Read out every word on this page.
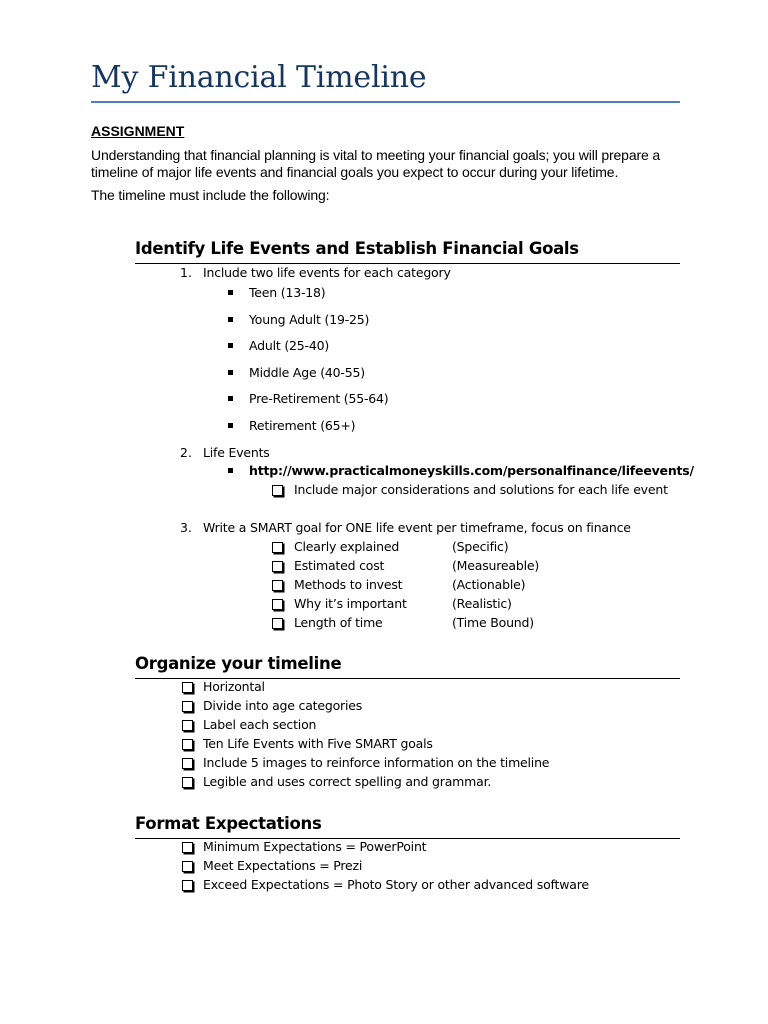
My Financial Timeline
ASSIGNMENT
Understanding that financial planning is vital to meeting your financial goals; you will prepare a timeline of major life events and financial goals you expect to occur during your lifetime.
The timeline must include the following:
Identify Life Events and Establish Financial Goals
1. Include two life events for each category
Teen (13-18)
Young Adult (19-25)
Adult (25-40)
Middle Age (40-55)
Pre-Retirement (55-64)
Retirement (65+)
2. Life Events
http://www.practicalmoneyskills.com/personalfinance/lifeevents/
Include major considerations and solutions for each life event
3. Write a SMART goal for ONE life event per timeframe, focus on finance
Clearly explained	(Specific)
Estimated cost	(Measureable)
Methods to invest	(Actionable)
Why it’s important	(Realistic)
Length of time	(Time Bound)
Organize your timeline
Horizontal
Divide into age categories
Label each section
Ten Life Events with Five SMART goals
Include 5 images to reinforce information on the timeline
Legible and uses correct spelling and grammar.
Format Expectations
Minimum Expectations = PowerPoint
Meet Expectations = Prezi
Exceed Expectations = Photo Story or other advanced software
